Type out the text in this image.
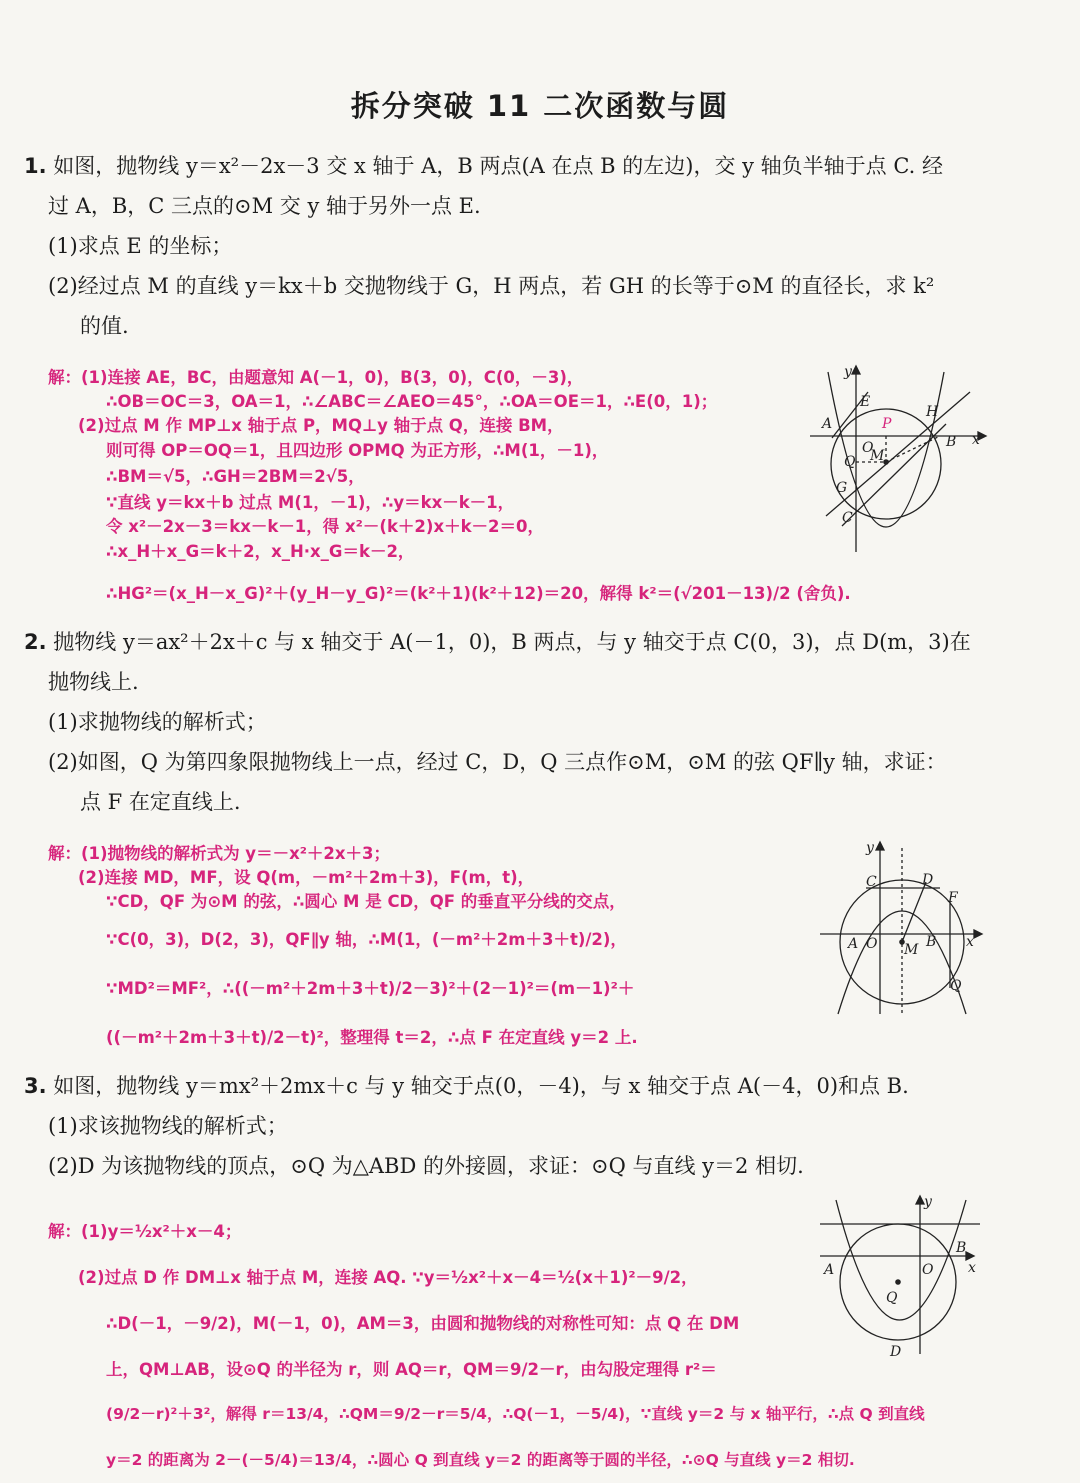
拆分突破 11 二次函数与圆
1. 如图，抛物线 y＝x²－2x－3 交 x 轴于 A，B 两点(A 在点 B 的左边)，交 y 轴负半轴于点 C. 经
过 A，B，C 三点的⊙M 交 y 轴于另外一点 E.
(1)求点 E 的坐标；
(2)经过点 M 的直线 y＝kx＋b 交抛物线于 G，H 两点，若 GH 的长等于⊙M 的直径长，求 k²
的值.
解：(1)连接 AE，BC，由题意知 A(－1，0)，B(3，0)，C(0，－3)，
∴OB＝OC＝3，OA＝1，∴∠ABC＝∠AEO＝45°，∴OA＝OE＝1，∴E(0，1)；
(2)过点 M 作 MP⊥x 轴于点 P，MQ⊥y 轴于点 Q，连接 BM，
则可得 OP＝OQ＝1，且四边形 OPMQ 为正方形，∴M(1，－1)，
∴BM＝√5，∴GH＝2BM＝2√5，
∵直线 y＝kx＋b 过点 M(1，－1)，∴y＝kx－k－1，
令 x²－2x－3＝kx－k－1，得 x²－(k＋2)x＋k－2＝0，
∴x_H＋x_G＝k＋2，x_H·x_G＝k－2，
∴HG²＝(x_H－x_G)²＋(y_H－y_G)²＝(k²＋1)(k²＋12)＝20，解得 k²＝(√201－13)/2 (舍负).
y
x
A
E
P
H
B
O
M
Q
G
C
2. 抛物线 y＝ax²＋2x＋c 与 x 轴交于 A(－1，0)，B 两点，与 y 轴交于点 C(0，3)，点 D(m，3)在
抛物线上.
(1)求抛物线的解析式；
(2)如图，Q 为第四象限抛物线上一点，经过 C，D，Q 三点作⊙M，⊙M 的弦 QF∥y 轴，求证：
点 F 在定直线上.
解：(1)抛物线的解析式为 y＝－x²＋2x＋3；
(2)连接 MD，MF，设 Q(m，－m²＋2m＋3)，F(m，t)，
∵CD，QF 为⊙M 的弦，∴圆心 M 是 CD，QF 的垂直平分线的交点，
∵C(0，3)，D(2，3)，QF∥y 轴，∴M(1，(－m²＋2m＋3＋t)/2)，
∵MD²＝MF²，∴((－m²＋2m＋3＋t)/2－3)²＋(2－1)²＝(m－1)²＋
((－m²＋2m＋3＋t)/2－t)²，整理得 t＝2，∴点 F 在定直线 y＝2 上.
y
C	D
F
A O M B x
Q
3. 如图，抛物线 y＝mx²＋2mx＋c 与 y 轴交于点(0，－4)，与 x 轴交于点 A(－4，0)和点 B.
(1)求该抛物线的解析式；
(2)D 为该抛物线的顶点，⊙Q 为△ABD 的外接圆，求证：⊙Q 与直线 y＝2 相切.
解：(1)y＝½x²＋x－4；
(2)过点 D 作 DM⊥x 轴于点 M，连接 AQ. ∵y＝½x²＋x－4＝½(x＋1)²－9/2，
∴D(－1，－9/2)，M(－1，0)，AM＝3，由圆和抛物线的对称性可知：点 Q 在 DM
上，QM⊥AB，设⊙Q 的半径为 r，则 AQ＝r，QM＝9/2－r，由勾股定理得 r²＝
(9/2－r)²＋3²，解得 r＝13/4，∴QM＝9/2－r＝5/4，∴Q(－1，－5/4)，∵直线 y＝2 与 x 轴平行，∴点 Q 到直线
y＝2 的距离为 2－(－5/4)＝13/4，∴圆心 Q 到直线 y＝2 的距离等于圆的半径，∴⊙Q 与直线 y＝2 相切.
y
B
A	O x
Q
D
